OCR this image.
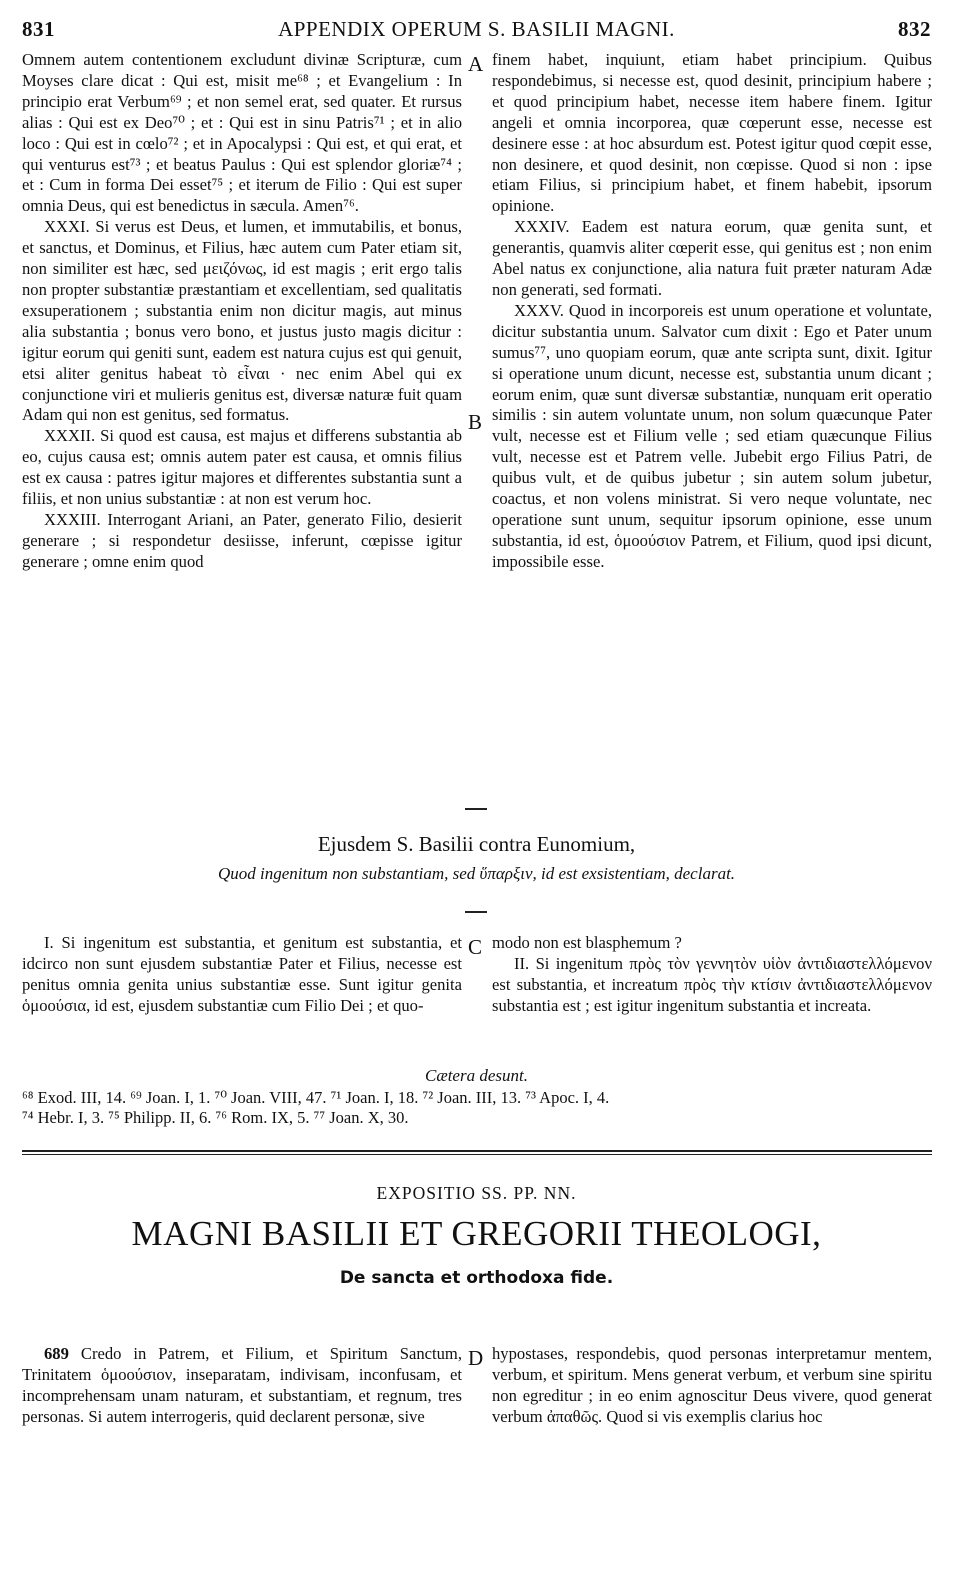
831	APPENDIX OPERUM S. BASILII MAGNI.	832

Omnem autem contentionem excludunt divinæ Scripturæ, cum Moyses clare dicat : Qui est, misit me⁶⁸ ; et Evangelium : In principio erat Verbum⁶⁹ ; et non semel erat, sed quater. Et rursus alias : Qui est ex Deo⁷⁰ ; et : Qui est in sinu Patris⁷¹ ; et in alio loco : Qui est in cœlo⁷² ; et in Apocalypsi : Qui est, et qui erat, et qui venturus est⁷³ ; et beatus Paulus : Qui est splendor gloriæ⁷⁴ ; et : Cum in forma Dei esset⁷⁵ ; et iterum de Filio : Qui est super omnia Deus, qui est benedictus in sæcula. Amen⁷⁶.

XXXI. Si verus est Deus, et lumen, et immutabilis, et bonus, et sanctus, et Dominus, et Filius, hæc autem cum Pater etiam sit, non similiter est hæc, sed μειζόνως, id est magis ; erit ergo talis non propter substantiæ præstantiam et excellentiam, sed qualitatis exsuperationem ; substantia enim non dicitur magis, aut minus alia substantia ; bonus vero bono, et justus justo magis dicitur : igitur eorum qui geniti sunt, eadem est natura cujus est qui genuit, etsi aliter genitus habeat τὸ εἶναι · nec enim Abel qui ex conjunctione viri et mulieris genitus est, diversæ naturæ fuit quam Adam qui non est genitus, sed formatus.

XXXII. Si quod est causa, est majus et differens substantia ab eo, cujus causa est; omnis autem pater est causa, et omnis filius est ex causa : patres igitur majores et differentes substantia sunt a filiis, et non unius substantiæ : at non est verum hoc.

XXXIII. Interrogant Ariani, an Pater, generato Filio, desierit generare ; si respondetur desiisse, inferunt, cœpisse igitur generare ; omne enim quod

A
B

finem habet, inquiunt, etiam habet principium. Quibus respondebimus, si necesse est, quod desinit, principium habere ; et quod principium habet, necesse item habere finem. Igitur angeli et omnia incorporea, quæ cœperunt esse, necesse est desinere esse : at hoc absurdum est. Potest igitur quod cœpit esse, non desinere, et quod desinit, non cœpisse. Quod si non : ipse etiam Filius, si principium habet, et finem habebit, ipsorum opinione.

XXXIV. Eadem est natura eorum, quæ genita sunt, et generantis, quamvis aliter cœperit esse, qui genitus est ; non enim Abel natus ex conjunctione, alia natura fuit præter naturam Adæ non generati, sed formati.

XXXV. Quod in incorporeis est unum operatione et voluntate, dicitur substantia unum. Salvator cum dixit : Ego et Pater unum sumus⁷⁷, uno quopiam eorum, quæ ante scripta sunt, dixit. Igitur si operatione unum dicunt, necesse est, substantia unum dicant ; eorum enim, quæ sunt diversæ substantiæ, nunquam erit operatio similis : sin autem voluntate unum, non solum quæcunque Pater vult, necesse est et Filium velle ; sed etiam quæcunque Filius vult, necesse est et Patrem velle. Jubebit ergo Filius Patri, de quibus vult, et de quibus jubetur ; sin autem solum jubetur, coactus, et non volens ministrat. Si vero neque voluntate, nec operatione sunt unum, sequitur ipsorum opinione, esse unum substantia, id est, ὁμοούσιον Patrem, et Filium, quod ipsi dicunt, impossibile esse.

Ejusdem S. Basilii contra Eunomium,
Quod ingenitum non substantiam, sed ὕπαρξιν, id est exsistentiam, declarat.

I. Si ingenitum est substantia, et genitum est substantia, et idcirco non sunt ejusdem substantiæ Pater et Filius, necesse est penitus omnia genita unius substantiæ esse. Sunt igitur genita ὁμοούσια, id est, ejusdem substantiæ cum Filio Dei ; et quo-

C modo non est blasphemum ?

II. Si ingenitum πρὸς τὸν γεννητὸν υἱὸν ἀντιδιαστελλόμενον est substantia, et increatum πρὸς τὴν κτίσιν ἀντιδιαστελλόμενον substantia est ; est igitur ingenitum substantia et increata.

Cætera desunt.
⁶⁸ Exod. III, 14. ⁶⁹ Joan. I, 1. ⁷⁰ Joan. VIII, 47. ⁷¹ Joan. I, 18. ⁷² Joan. III, 13. ⁷³ Apoc. I, 4.
⁷⁴ Hebr. I, 3. ⁷⁵ Philipp. II, 6. ⁷⁶ Rom. IX, 5. ⁷⁷ Joan. X, 30.
EXPOSITIO SS. PP. NN.
MAGNI BASILII ET GREGORII THEOLOGI,
De sancta et orthodoxa fide.

689 Credo in Patrem, et Filium, et Spiritum Sanctum, Trinitatem ὁμοούσιον, inseparatam, indivisam, inconfusam, et incomprehensam unam naturam, et substantiam, et regnum, tres personas. Si autem interrogeris, quid declarent personæ, sive

D hypostases, respondebis, quod personas interpretamur mentem, verbum, et spiritum. Mens generat verbum, et verbum sine spiritu non egreditur ; in eo enim agnoscitur Deus vivere, quod generat verbum ἀπαθῶς. Quod si vis exemplis clarius hoc
